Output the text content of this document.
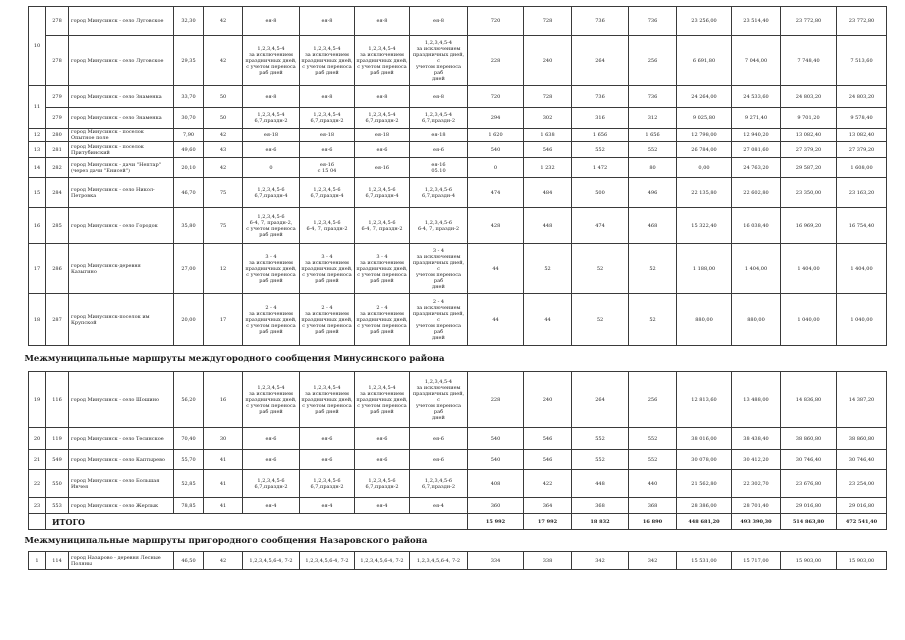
10	278	город Минусинск - село Луговское	32,30	42	ея-8	ея-8	ея-8	ея-8	720	728	736	736	23 256,00	23 514,40	23 772,80	23 772,80
	278	город Минусинск - село Луговское	29,35	42	1,2,3,4,5-4
за исключением
праздничных дней,
с учетом переноса
раб дней	1,2,3,4,5-4
за исключением
праздничных дней,
с учетом переноса
раб дней	1,2,3,4,5-4
за исключением
праздничных дней,
с учетом переноса
раб дней	1,2,3,4,5-4
за исключением
праздничных дней, с
учетом переноса раб
дней	228	240	264	256	6 691,80	7 044,00	7 748,40	7 513,60
11	279	город Минусинск - село Знаменка	33,70	50	ея-8	ея-8	ея-8	ея-8	720	728	736	736	24 264,00	24 533,60	24 803,20	24 803,20
	279	город Минусинск - село Знаменка	30,70	50	1,2,3,4,5-4
6,7,праздн-2	1,2,3,4,5-4
6,7,праздн-2	1,2,3,4,5-4
6,7,праздн-2	1,2,3,4,5-4
6,7,праздн-2	294	302	316	312	9 025,80	9 271,40	9 701,20	9 578,40
12	280	город Минусинск - поселок
Опытное поле	7,90	42	ея-18	ея-18	ея-18	ея-18	1 620	1 638	1 656	1 656	12 798,00	12 940,20	13 082,40	13 082,40
13	281	город Минусинск - поселок
Притубинский	49,60	43	ея-6	ея-6	ея-6	ея-6	540	546	552	552	26 784,00	27 081,60	27 379,20	27 379,20
14	282	город Минусинск - дачи "Нептар"
(через дачи "Енисей")	20,10	42	0	ея-16
с 15 04	ея-16	ея-16
05.10	0	1 232	1 472	80	0,00	24 763,20	29 587,20	1 608,00
15	284	город Минусинск - село Никол-
Петровка	46,70	75	1,2,3,4,5-6
6,7,праздн-4	1,2,3,4,5-6
6,7,праздн-4	1,2,3,4,5-6
6,7,праздн-4	1,2,3,4,5-6
6,7,праздн-4	474	484	500	496	22 135,80	22 602,80	23 350,00	23 163,20
16	285	город Минусинск - село Городок	35,80	75	1,2,3,4,5-6
6-4, 7, праздн-2,
с учетом переноса
раб дней	1,2,3,4,5-6
6-4, 7, праздн-2	1,2,3,4,5-6
6-4, 7, праздн-2	1,2,3,4,5-6
6-4, 7, праздн-2	428	448	474	468	15 322,40	16 038,40	16 969,20	16 754,40
17	286	город Минусинск-деревня
Казыгино	27,00	12	3 - 4
за исключением
праздничных дней,
с учетом переноса
раб дней	3 - 4
за исключением
праздничных дней,
с учетом переноса
раб дней	3 - 4
за исключением
праздничных дней,
с учетом переноса
раб дней	3 - 4
за исключением
праздничных дней, с
учетом переноса раб
дней	44	52	52	52	1 188,00	1 404,00	1 404,00	1 404,00
18	287	город Минусинск-поселок им
Крупской	20,00	17	2 - 4
за исключением
праздничных дней,
с учетом переноса
раб дней	2 - 4
за исключением
праздничных дней,
с учетом переноса
раб дней	2 - 4
за исключением
праздничных дней,
с учетом переноса
раб дней	2 - 4
за исключением
праздничных дней, с
учетом переноса раб
дней	44	44	52	52	880,00	880,00	1 040,00	1 040,00
Межмуниципальные маршруты междугородного сообщения Минусинского района																
19	116	город Минусинск - село Шошино	56,20	16	1,2,3,4,5-4
за исключением
праздничных дней,
с учетом переноса
раб дней	1,2,3,4,5-4
за исключением
праздничных дней,
с учетом переноса
раб дней	1,2,3,4,5-4
за исключением
праздничных дней,
с учетом переноса
раб дней	1,2,3,4,5-4
за исключением
праздничных дней, с
учетом переноса раб
дней	228	240	264	256	12 813,60	13 488,00	14 836,80	14 387,20
20	119	город Минусинск - село Тесинское	70,40	30	ея-6	ея-6	ея-6	ея-6	540	546	552	552	38 016,00	38 438,40	38 860,80	38 860,80
21	549	город Минусинск - село Каптырево	55,70	41	ея-6	ея-6	ея-6	ея-6	540	546	552	552	30 078,00	30 412,20	30 746,40	30 746,40
22	550	город Минусинск - село Большая
Инчея	52,85	41	1,2,3,4,5-6
6,7,праздн-2	1,2,3,4,5-6
6,7,праздн-2	1,2,3,4,5-6
6,7,праздн-2	1,2,3,4,5-6
6,7,праздн-2	408	422	448	440	21 562,80	22 302,70	23 676,80	23 254,00
23	553	город Минусинск - село Жерлык	78,85	41	ея-4	ея-4	ея-4	ея-4	360	364	368	368	28 386,00	28 701,40	29 016,80	29 016,80
	ИТОГО								15 992	17 992	18 832	16 890	448 681,20	493 390,30	514 863,80	472 541,40
Межмуниципальные маршруты пригородного сообщения Назаровского района																
1	114	город Назарово - деревня Лесные
Поляны	46,50	42	1,2,3,4,5,6-4, 7-2	1,2,3,4,5,6-4, 7-2	1,2,3,4,5,6-4, 7-2	1,2,3,4,5,6-4, 7-2	334	338	342	342	15 531,00	15 717,00	15 903,00	15 903,00
